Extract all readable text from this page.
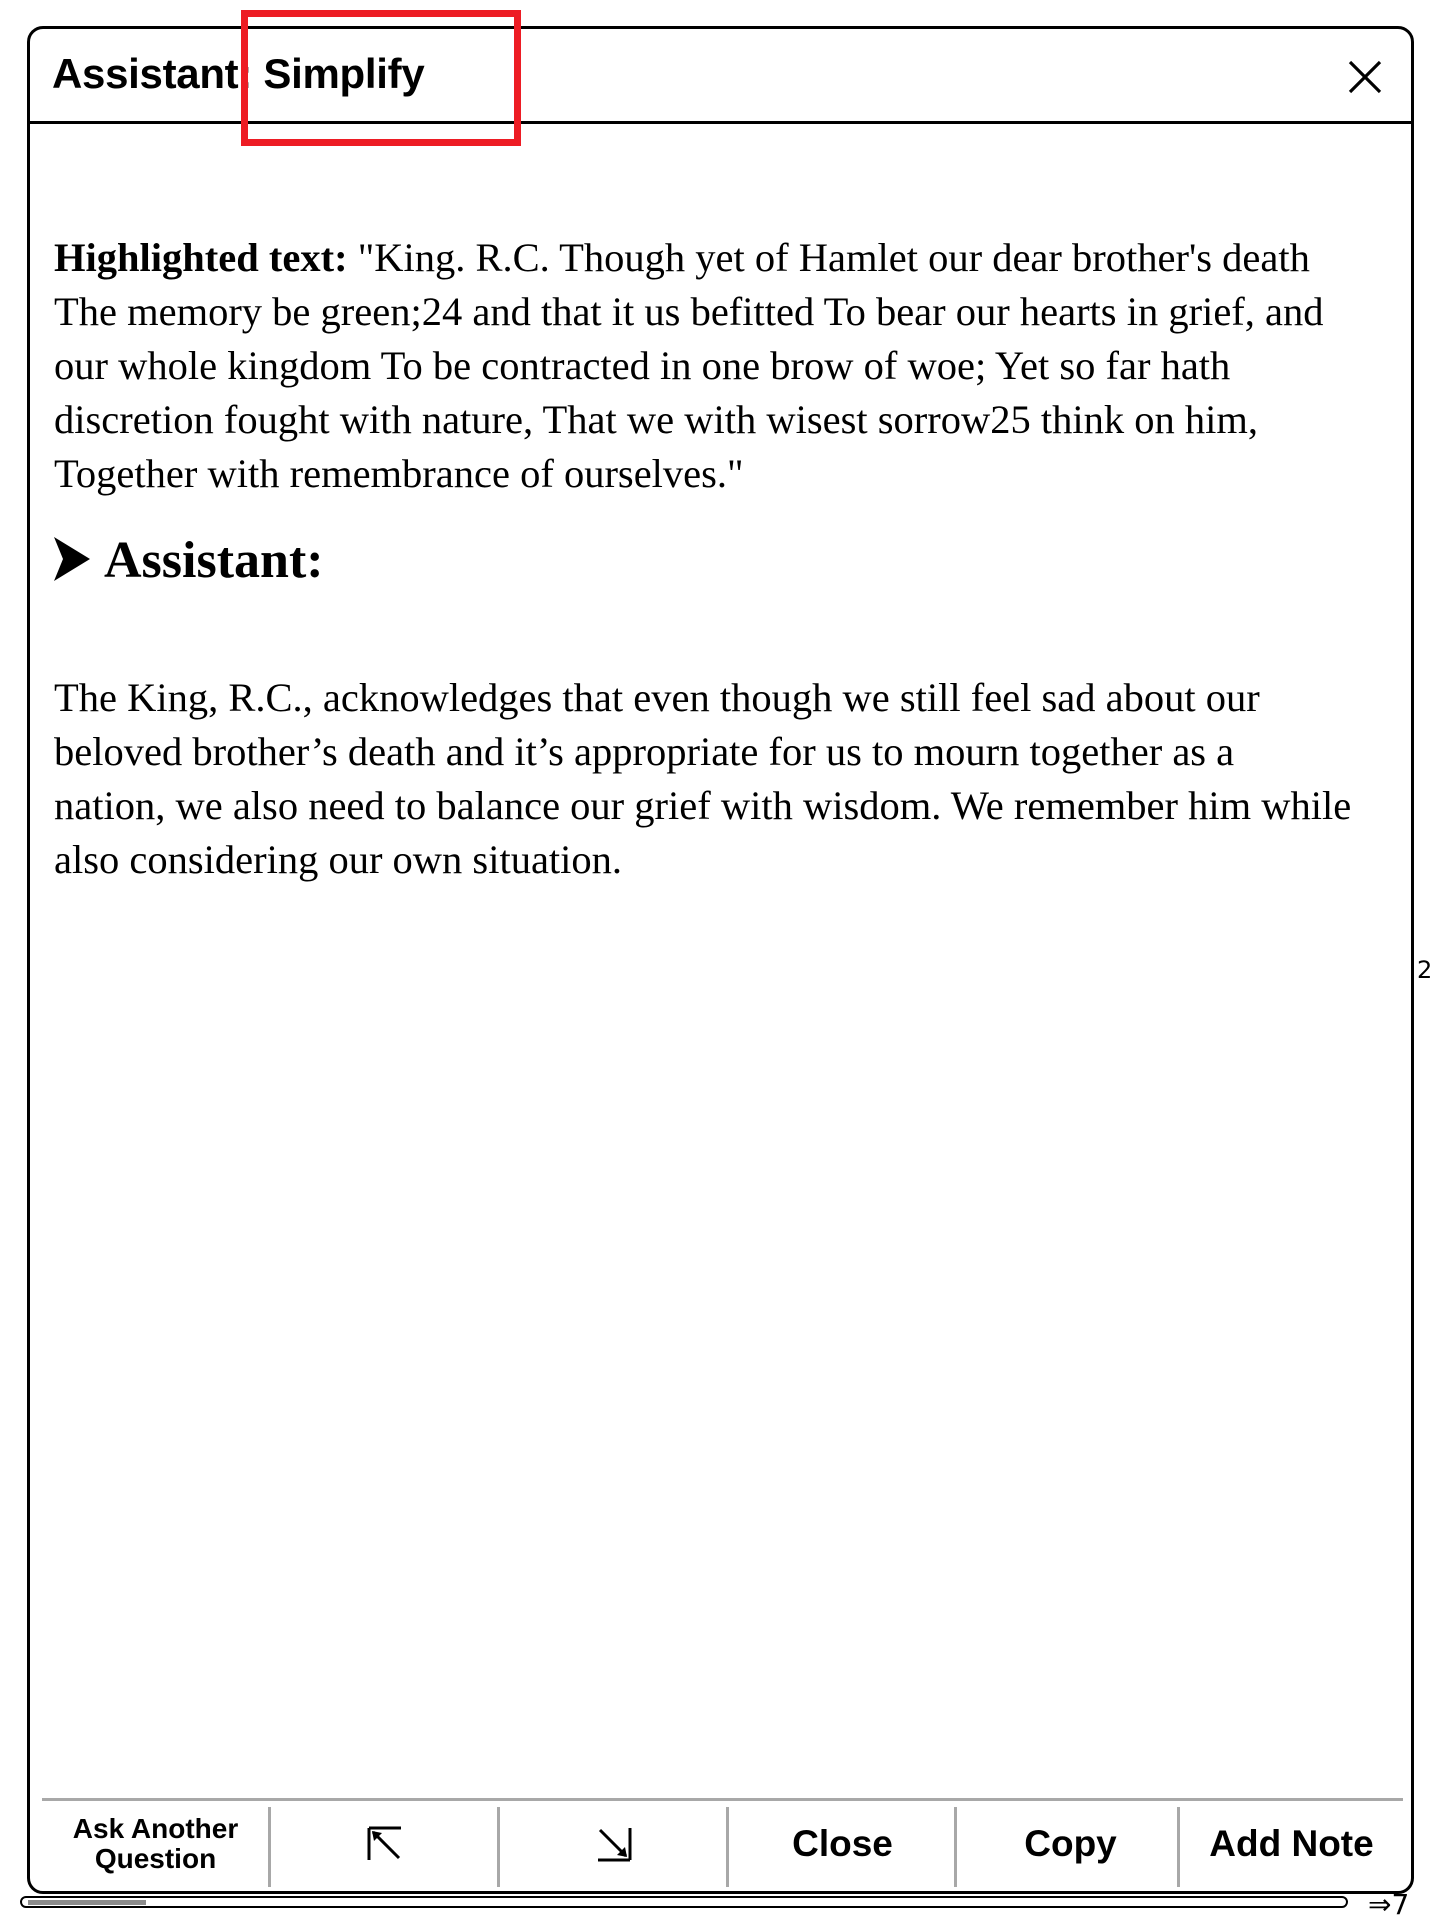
Assistant: Simplify

Highlighted text: "King. R.C. Though yet of Hamlet our dear brother's death The memory be green;24 and that it us befitted To bear our hearts in grief, and our whole kingdom To be contracted in one brow of woe; Yet so far hath discretion fought with nature, That we with wisest sorrow25 think on him, Together with remembrance of ourselves."

Assistant:

The King, R.C., acknowledges that even though we still feel sad about our beloved brother’s death and it’s appropriate for us to mourn together as a nation, we also need to balance our grief with wisdom. We remember him while also considering our own situation.

Ask Another Question	Close	Copy	Add Note
2
⇒7
